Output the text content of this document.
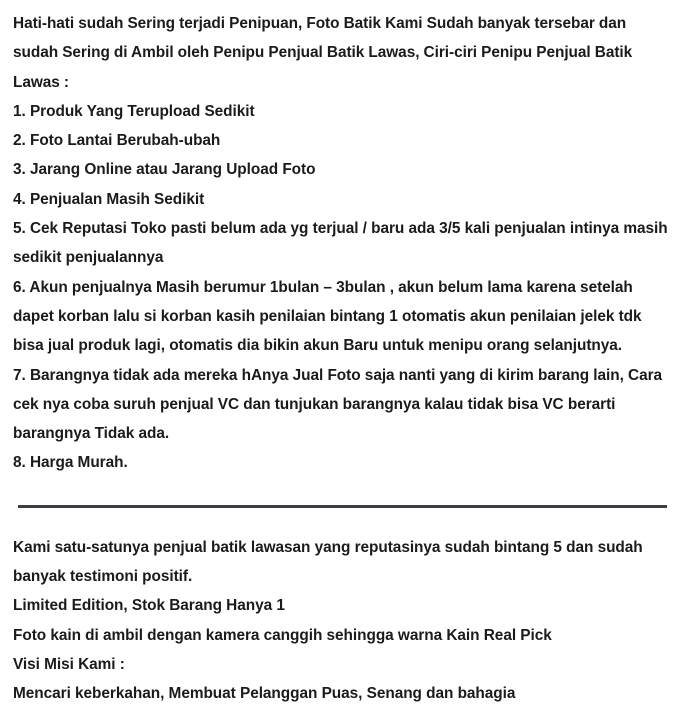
Hati-hati sudah Sering terjadi Penipuan, Foto Batik Kami Sudah banyak tersebar dan sudah Sering di Ambil oleh Penipu Penjual Batik Lawas, Ciri-ciri Penipu Penjual Batik Lawas :

1. Produk Yang Terupload Sedikit

2. Foto Lantai Berubah-ubah

3. Jarang Online atau Jarang Upload Foto

4. Penjualan Masih Sedikit

5. Cek Reputasi Toko pasti belum ada yg terjual / baru ada 3/5 kali penjualan intinya masih sedikit penjualannya

6. Akun penjualnya Masih berumur 1bulan – 3bulan , akun belum lama karena setelah dapet korban lalu si korban kasih penilaian bintang 1 otomatis akun penilaian jelek tdk bisa jual produk lagi, otomatis dia bikin akun Baru untuk menipu orang selanjutnya.

7. Barangnya tidak ada mereka hAnya Jual Foto saja nanti yang di kirim barang lain, Cara cek nya coba suruh penjual VC dan tunjukan barangnya kalau tidak bisa VC berarti barangnya Tidak ada.

8. Harga Murah.

Kami satu-satunya penjual batik lawasan yang reputasinya sudah bintang 5 dan sudah banyak testimoni positif.

Limited Edition, Stok Barang Hanya 1

Foto kain di ambil dengan kamera canggih sehingga warna Kain Real Pick

Visi Misi Kami :

Mencari keberkahan, Membuat Pelanggan Puas, Senang dan bahagia
